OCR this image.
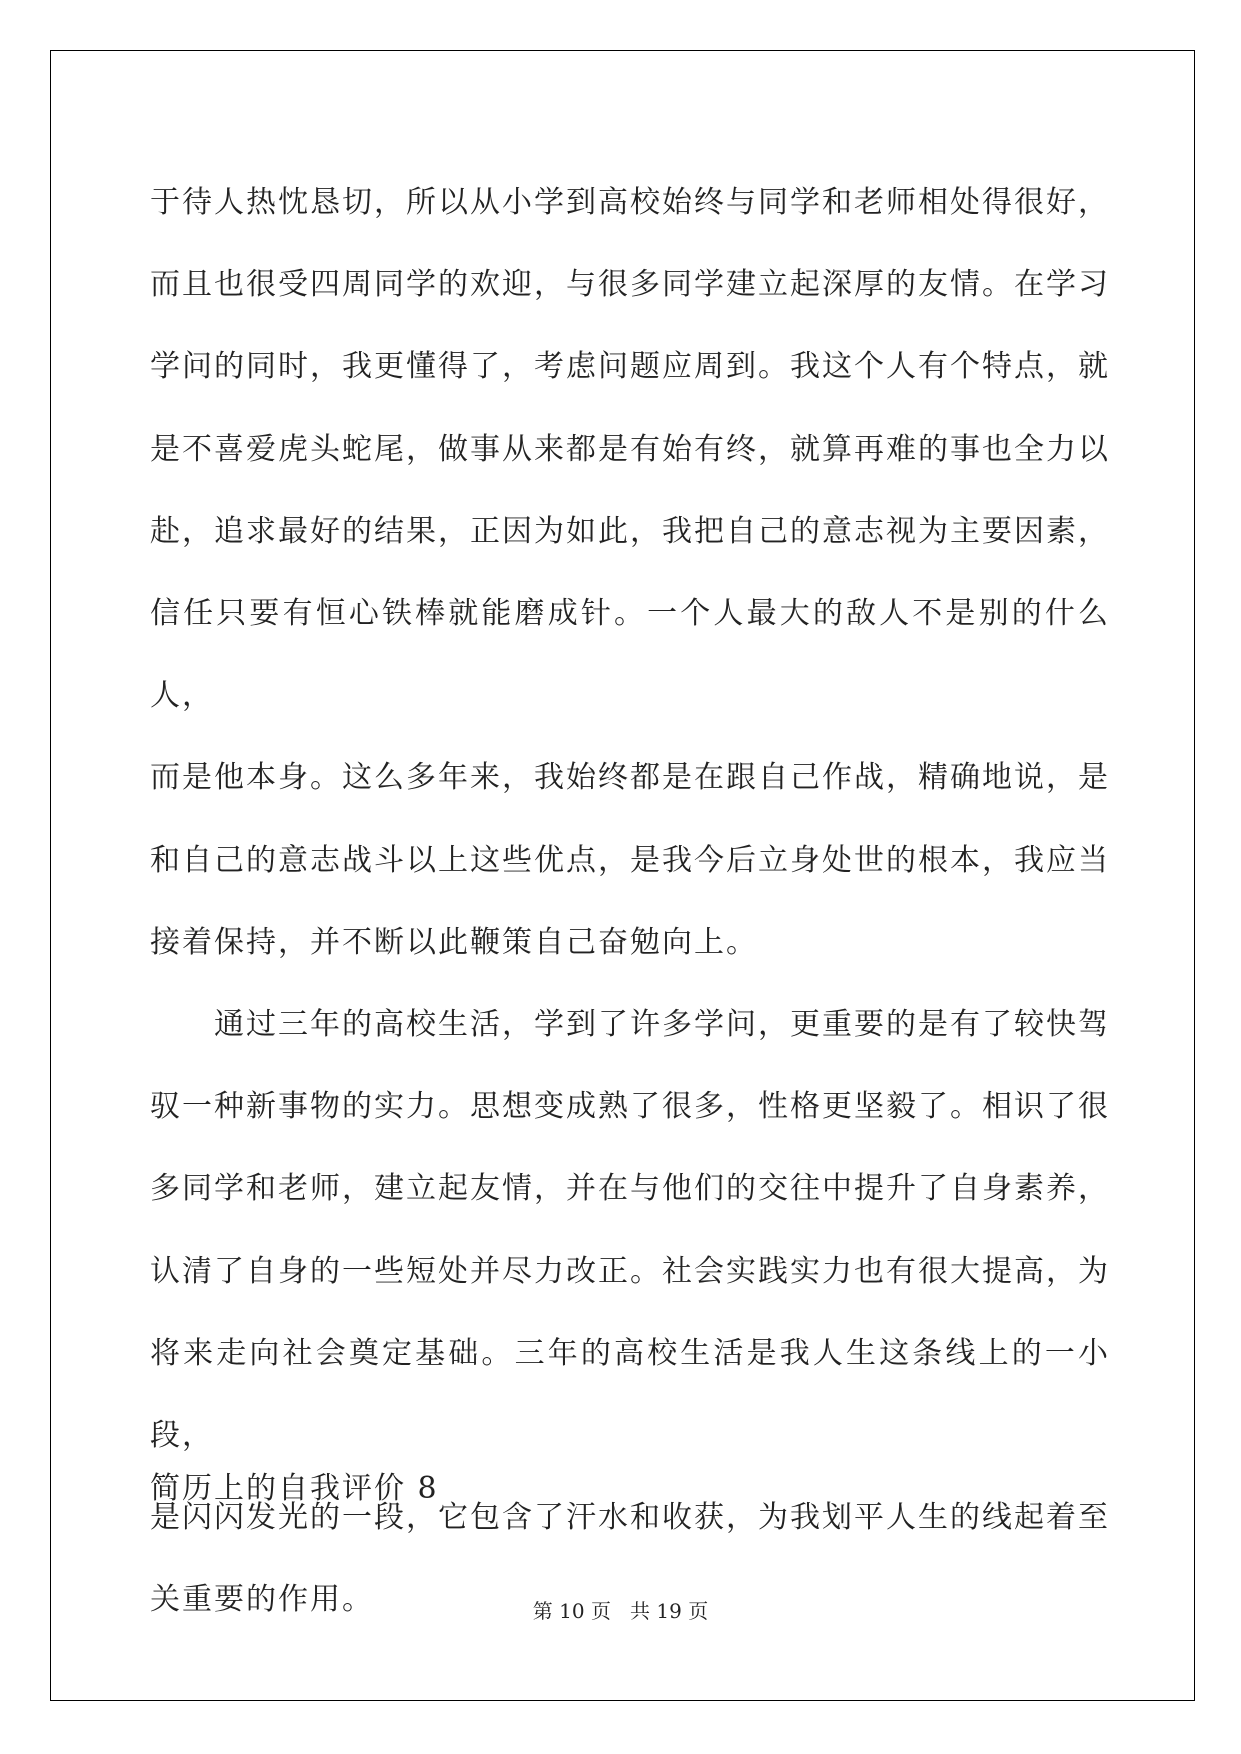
于待人热忱恳切，所以从小学到高校始终与同学和老师相处得很好，
而且也很受四周同学的欢迎，与很多同学建立起深厚的友情。在学习
学问的同时，我更懂得了，考虑问题应周到。我这个人有个特点，就
是不喜爱虎头蛇尾，做事从来都是有始有终，就算再难的事也全力以
赴，追求最好的结果，正因为如此，我把自己的意志视为主要因素，
信任只要有恒心铁棒就能磨成针。一个人最大的敌人不是别的什么人，
而是他本身。这么多年来，我始终都是在跟自己作战，精确地说，是
和自己的意志战斗以上这些优点，是我今后立身处世的根本，我应当
接着保持，并不断以此鞭策自己奋勉向上。

通过三年的高校生活，学到了许多学问，更重要的是有了较快驾
驭一种新事物的实力。思想变成熟了很多，性格更坚毅了。相识了很
多同学和老师，建立起友情，并在与他们的交往中提升了自身素养，
认清了自身的一些短处并尽力改正。社会实践实力也有很大提高，为
将来走向社会奠定基础。三年的高校生活是我人生这条线上的一小段，
是闪闪发光的一段，它包含了汗水和收获，为我划平人生的线起着至
关重要的作用。

简历上的自我评价 8
第 10 页 共 19 页
